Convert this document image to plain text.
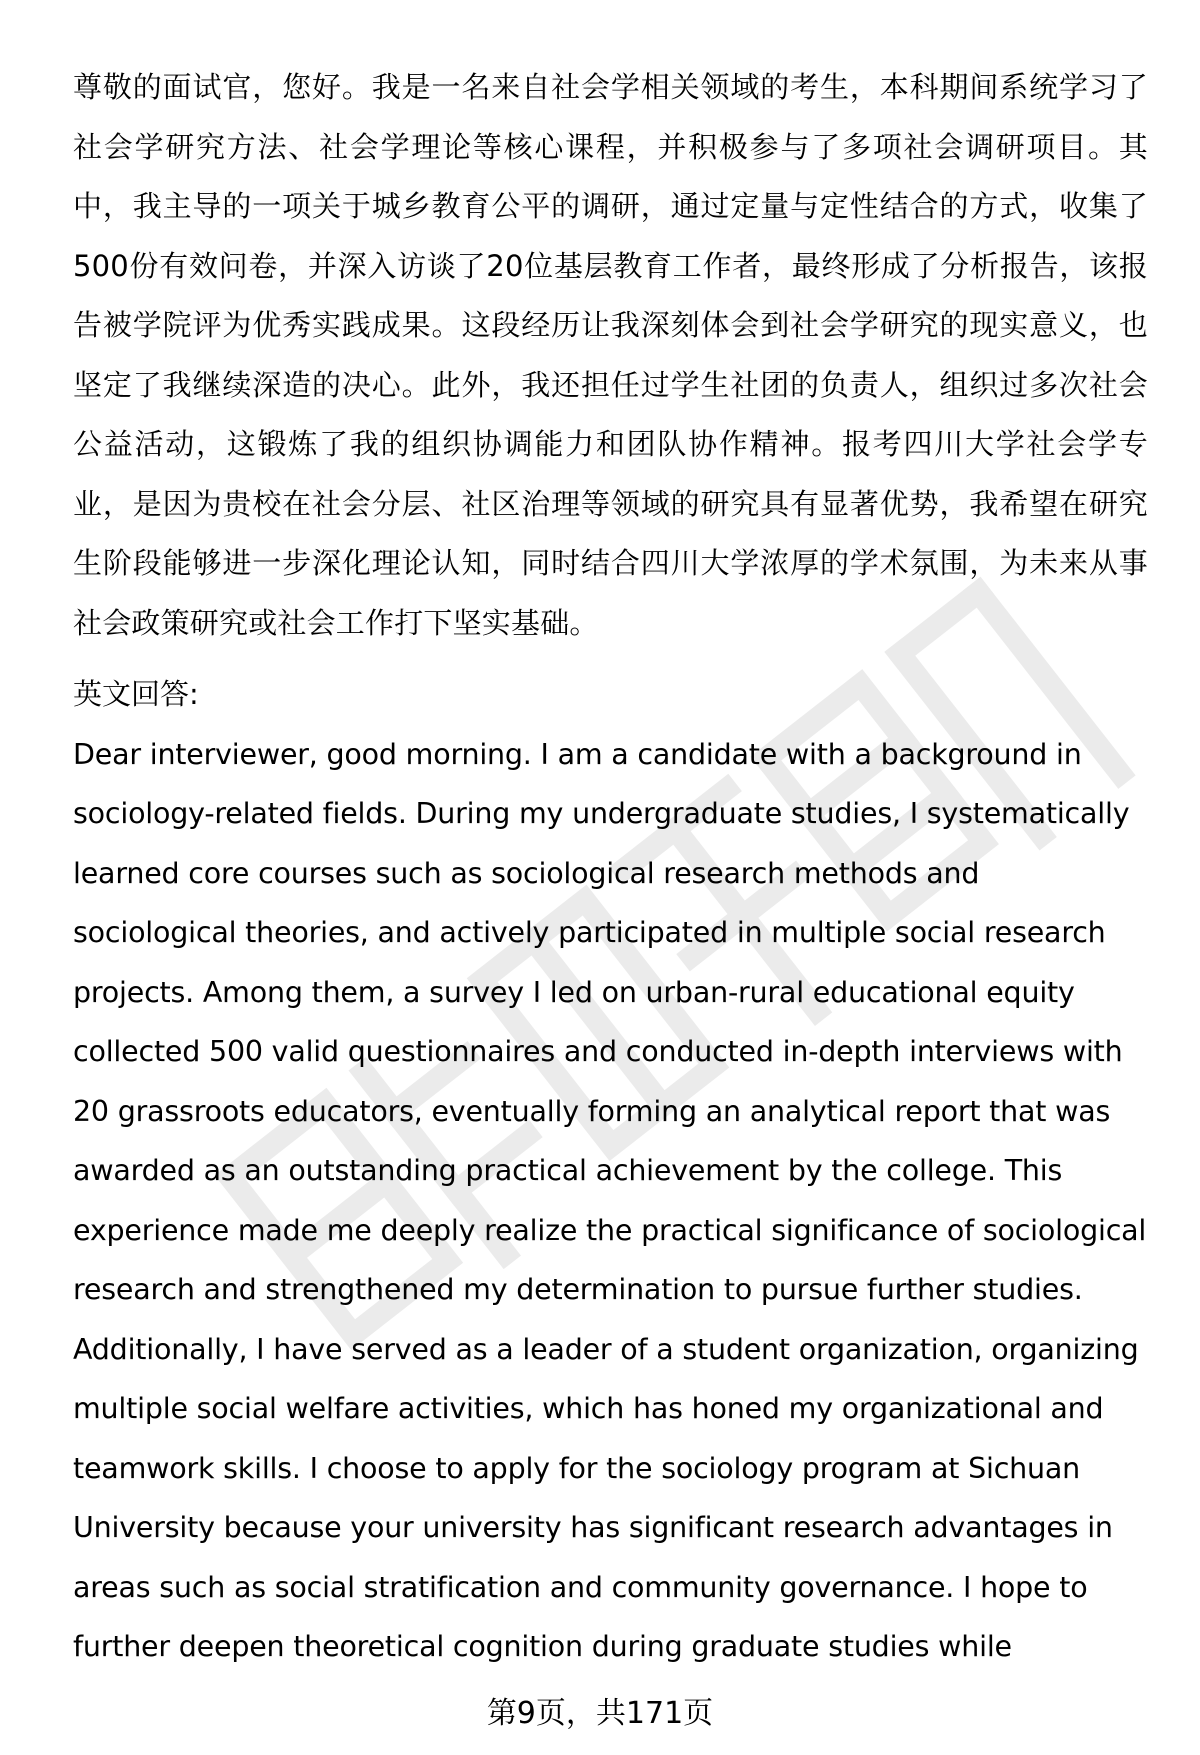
尊敬的面试官，您好。我是一名来自社会学相关领域的考生，本科期间系统学习了社会学研究方法、社会学理论等核心课程，并积极参与了多项社会调研项目。其中，我主导的一项关于城乡教育公平的调研，通过定量与定性结合的方式，收集了500份有效问卷，并深入访谈了20位基层教育工作者，最终形成了分析报告，该报告被学院评为优秀实践成果。这段经历让我深刻体会到社会学研究的现实意义，也坚定了我继续深造的决心。此外，我还担任过学生社团的负责人，组织过多次社会公益活动，这锻炼了我的组织协调能力和团队协作精神。报考四川大学社会学专业，是因为贵校在社会分层、社区治理等领域的研究具有显著优势，我希望在研究生阶段能够进一步深化理论认知，同时结合四川大学浓厚的学术氛围，为未来从事社会政策研究或社会工作打下坚实基础。

英文回答:

Dear interviewer, good morning. I am a candidate with a background in sociology-related fields. During my undergraduate studies, I systematically learned core courses such as sociological research methods and sociological theories, and actively participated in multiple social research projects. Among them, a survey I led on urban-rural educational equity collected 500 valid questionnaires and conducted in-depth interviews with 20 grassroots educators, eventually forming an analytical report that was awarded as an outstanding practical achievement by the college. This experience made me deeply realize the practical significance of sociological research and strengthened my determination to pursue further studies. Additionally, I have served as a leader of a student organization, organizing multiple social welfare activities, which has honed my organizational and teamwork skills. I choose to apply for the sociology program at Sichuan University because your university has significant research advantages in areas such as social stratification and community governance. I hope to further deepen theoretical cognition during graduate studies while

第9页，共171页
